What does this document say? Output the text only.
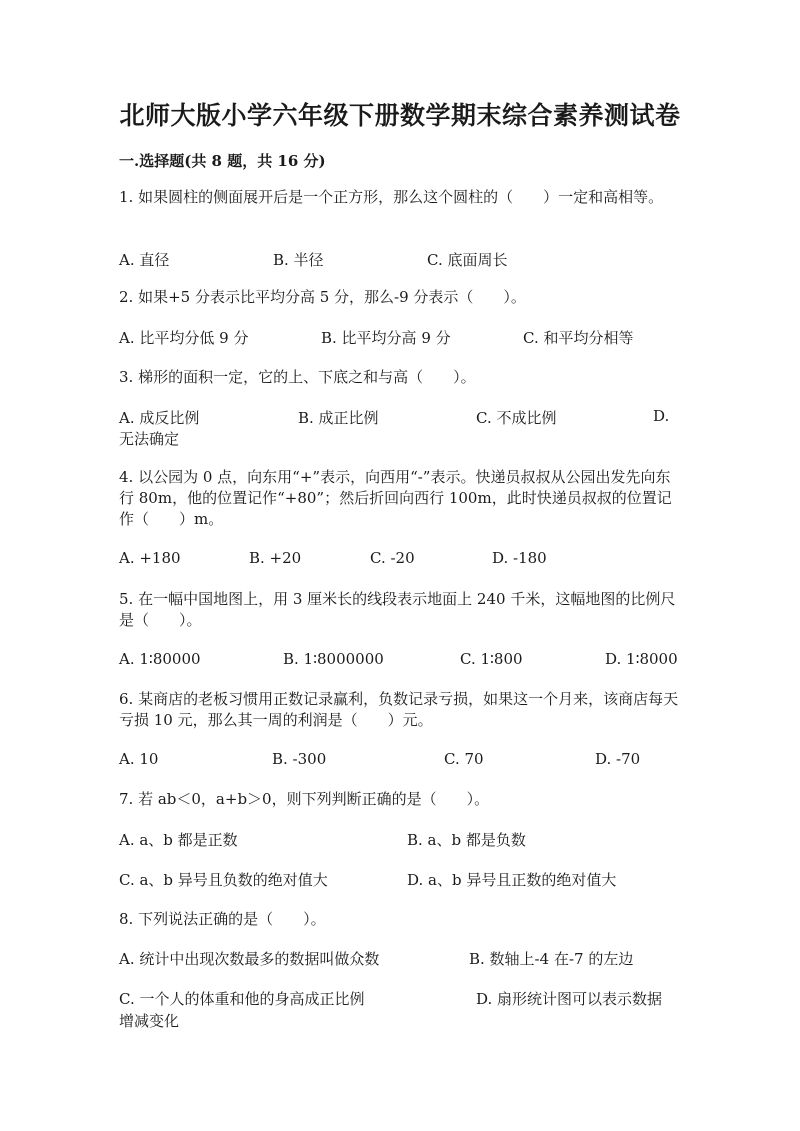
北师大版小学六年级下册数学期末综合素养测试卷
一.选择题(共 8 题，共 16 分)
1. 如果圆柱的侧面展开后是一个正方形，那么这个圆柱的（　　）一定和高相等。
A. 直径	B. 半径	C. 底面周长
2. 如果+5 分表示比平均分高 5 分，那么-9 分表示（　　）。
A. 比平均分低 9 分	B. 比平均分高 9 分	C. 和平均分相等
3. 梯形的面积一定，它的上、下底之和与高（　　）。
A. 成反比例	B. 成正比例	C. 不成比例	D.
无法确定
4. 以公园为 0 点，向东用“+”表示，向西用“-”表示。快递员叔叔从公园出发先向东行 80m，他的位置记作“+80”；然后折回向西行 100m，此时快递员叔叔的位置记作（　　）m。
A. +180	B. +20	C. -20	D. -180
5. 在一幅中国地图上，用 3 厘米长的线段表示地面上 240 千米，这幅地图的比例尺是（　　）。
A. 1∶80000	B. 1∶8000000	C. 1∶800	D. 1∶8000
6. 某商店的老板习惯用正数记录赢利，负数记录亏损，如果这一个月来，该商店每天亏损 10 元，那么其一周的利润是（　　）元。
A. 10	B. -300	C. 70	D. -70
7. 若 ab＜0，a+b＞0，则下列判断正确的是（　　）。
A. a、b 都是正数	B. a、b 都是负数
C. a、b 异号且负数的绝对值大	D. a、b 异号且正数的绝对值大
8. 下列说法正确的是（　　）。
A. 统计中出现次数最多的数据叫做众数	B. 数轴上-4 在-7 的左边
C. 一个人的体重和他的身高成正比例	D. 扇形统计图可以表示数据
增减变化
